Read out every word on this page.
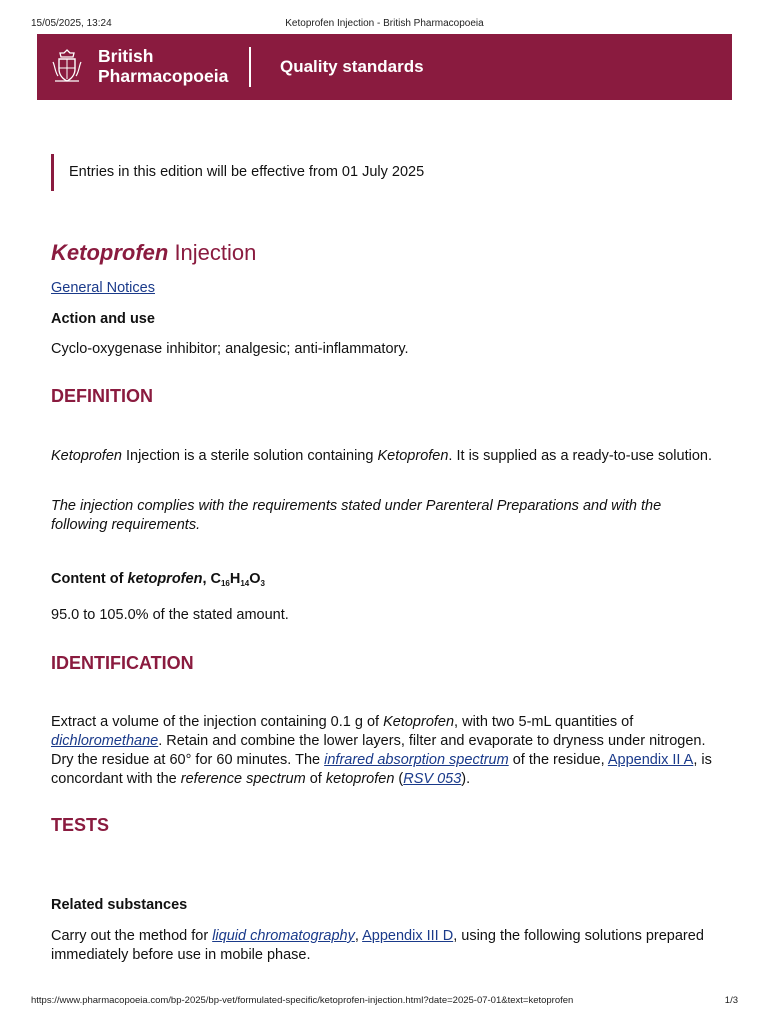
15/05/2025, 13:24	Ketoprofen Injection - British Pharmacopoeia
British
Pharmacopoeia	Quality standards
Entries in this edition will be effective from 01 July 2025
Ketoprofen Injection
General Notices
Action and use
Cyclo-oxygenase inhibitor; analgesic; anti-inflammatory.
DEFINITION
Ketoprofen Injection is a sterile solution containing Ketoprofen. It is supplied as a ready-to-use solution.
The injection complies with the requirements stated under Parenteral Preparations and with the following requirements.
Content of ketoprofen, $C_{16}H_{14}O_3$
95.0 to 105.0% of the stated amount.
IDENTIFICATION
Extract a volume of the injection containing 0.1 g of Ketoprofen, with two 5-mL quantities of dichloromethane. Retain and combine the lower layers, filter and evaporate to dryness under nitrogen. Dry the residue at 60° for 60 minutes. The infrared absorption spectrum of the residue, Appendix II A, is concordant with the reference spectrum of ketoprofen (RSV 053).
TESTS
Related substances
Carry out the method for liquid chromatography, Appendix III D, using the following solutions prepared immediately before use in mobile phase.
https://www.pharmacopoeia.com/bp-2025/bp-vet/formulated-specific/ketoprofen-injection.html?date=2025-07-01&text=ketoprofen	1/3
